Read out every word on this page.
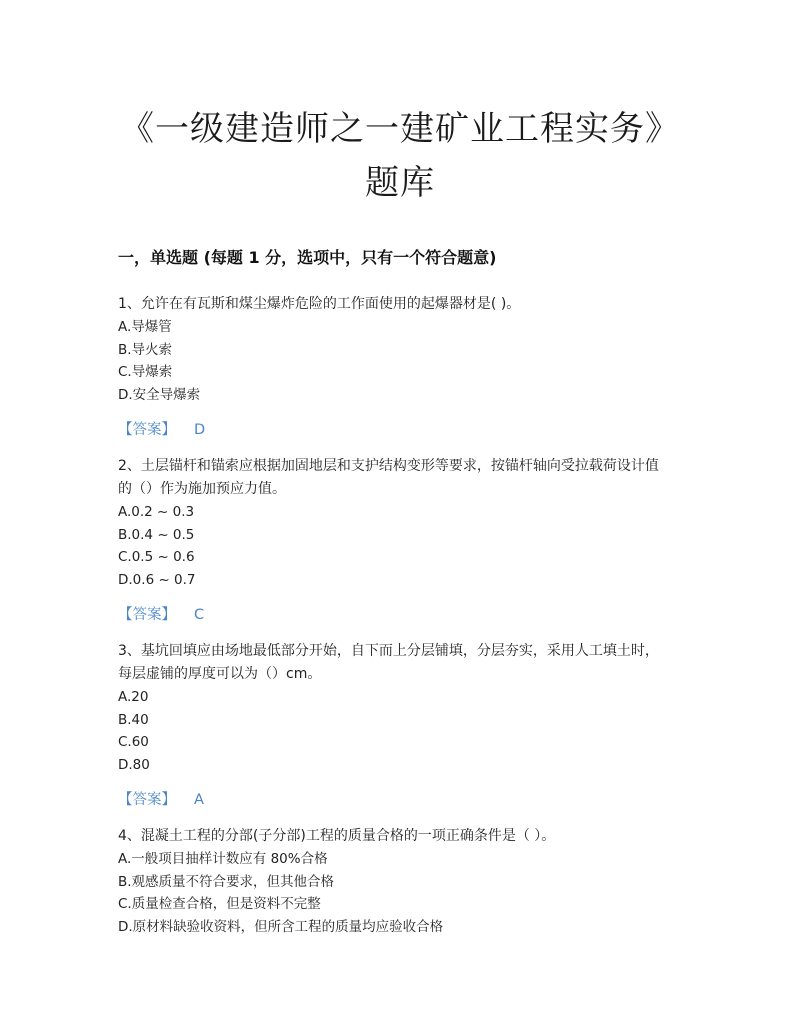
《一级建造师之一建矿业工程实务》
题库
一，单选题 (每题 1 分，选项中，只有一个符合题意)

1、允许在有瓦斯和煤尘爆炸危险的工作面使用的起爆器材是( )。

A.导爆管

B.导火索

C.导爆索

D.安全导爆索

【答案】 D

2、土层锚杆和锚索应根据加固地层和支护结构变形等要求，按锚杆轴向受拉载荷设计值

的（）作为施加预应力值。

A.0.2 ~ 0.3

B.0.4 ~ 0.5

C.0.5 ~ 0.6

D.0.6 ~ 0.7

【答案】 C

3、基坑回填应由场地最低部分开始，自下而上分层铺填，分层夯实，采用人工填土时，

每层虚铺的厚度可以为（）cm。

A.20

B.40

C.60

D.80

【答案】 A

4、混凝土工程的分部(子分部)工程的质量合格的一项正确条件是（ ）。

A.一般项目抽样计数应有 80%合格

B.观感质量不符合要求，但其他合格

C.质量检查合格，但是资料不完整

D.原材料缺验收资料，但所含工程的质量均应验收合格
